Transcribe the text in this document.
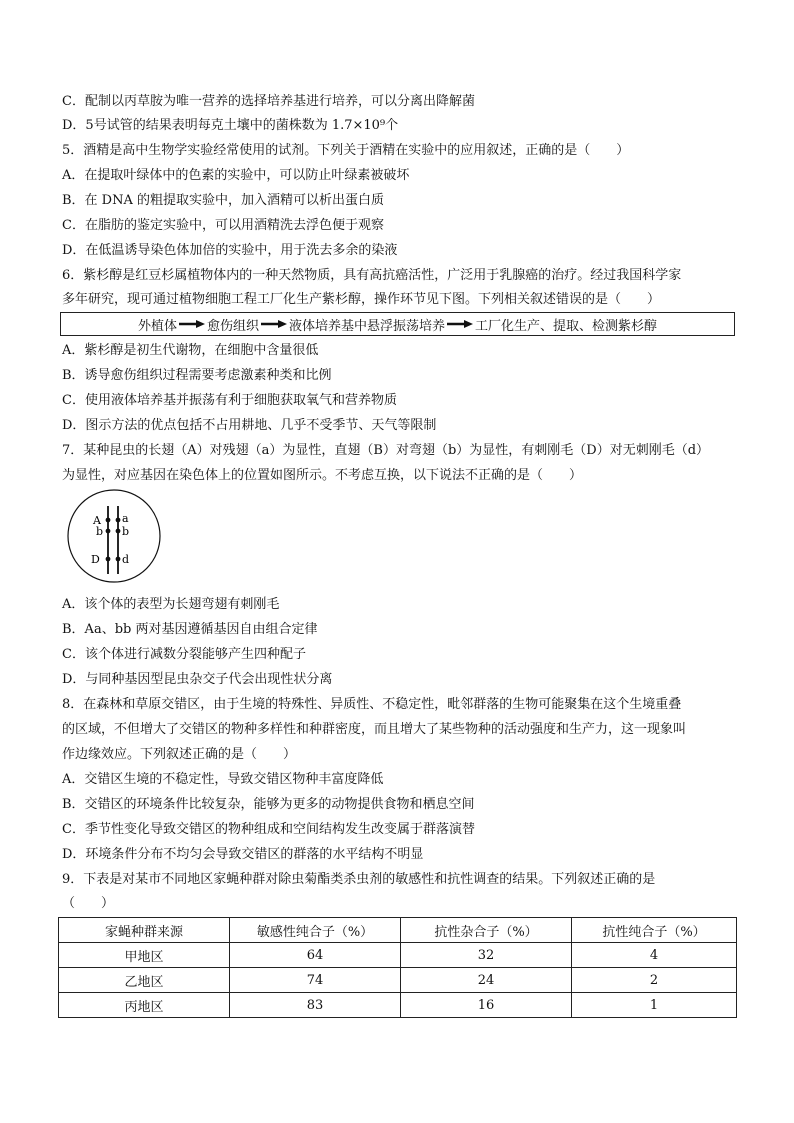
C．配制以丙草胺为唯一营养的选择培养基进行培养，可以分离出降解菌
D．5号试管的结果表明每克土壤中的菌株数为 1.7×10⁹个
5．酒精是高中生物学实验经常使用的试剂。下列关于酒精在实验中的应用叙述，正确的是（　　）
A．在提取叶绿体中的色素的实验中，可以防止叶绿素被破坏
B．在 DNA 的粗提取实验中，加入酒精可以析出蛋白质
C．在脂肪的鉴定实验中，可以用酒精洗去浮色便于观察
D．在低温诱导染色体加倍的实验中，用于洗去多余的染液
6．紫杉醇是红豆杉属植物体内的一种天然物质，具有高抗癌活性，广泛用于乳腺癌的治疗。经过我国科学家
多年研究，现可通过植物细胞工程工厂化生产紫杉醇，操作环节见下图。下列相关叙述错误的是（　　）
外植体 愈伤组织 液体培养基中悬浮振荡培养 工厂化生产、提取、检测紫杉醇
A．紫杉醇是初生代谢物，在细胞中含量很低
B．诱导愈伤组织过程需要考虑激素种类和比例
C．使用液体培养基并振荡有利于细胞获取氧气和营养物质
D．图示方法的优点包括不占用耕地、几乎不受季节、天气等限制
7．某种昆虫的长翅（A）对残翅（a）为显性，直翅（B）对弯翅（b）为显性，有刺刚毛（D）对无刺刚毛（d）
为显性，对应基因在染色体上的位置如图所示。不考虑互换，以下说法不正确的是（　　）
A
b
D
a
b
d
A．该个体的表型为长翅弯翅有刺刚毛
B．Aa、bb 两对基因遵循基因自由组合定律
C．该个体进行减数分裂能够产生四种配子
D．与同种基因型昆虫杂交子代会出现性状分离
8．在森林和草原交错区，由于生境的特殊性、异质性、不稳定性，毗邻群落的生物可能聚集在这个生境重叠
的区域，不但增大了交错区的物种多样性和种群密度，而且增大了某些物种的活动强度和生产力，这一现象叫
作边缘效应。下列叙述正确的是（　　）
A．交错区生境的不稳定性，导致交错区物种丰富度降低
B．交错区的环境条件比较复杂，能够为更多的动物提供食物和栖息空间
C．季节性变化导致交错区的物种组成和空间结构发生改变属于群落演替
D．环境条件分布不均匀会导致交错区的群落的水平结构不明显
9．下表是对某市不同地区家蝇种群对除虫菊酯类杀虫剂的敏感性和抗性调查的结果。下列叙述正确的是
（　　）
家蝇种群来源	敏感性纯合子（%）	抗性杂合子（%）	抗性纯合子（%）
甲地区	64	32	4
乙地区	74	24	2
丙地区	83	16	1
